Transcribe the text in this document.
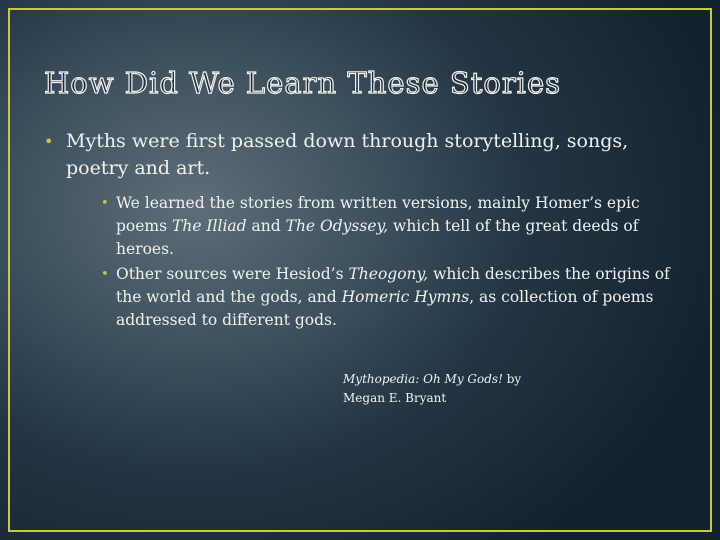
How Did We Learn These Stories
• Myths were first passed down through storytelling, songs, poetry and art.
• We learned the stories from written versions, mainly Homer’s epic poems The Illiad and The Odyssey, which tell of the great deeds of heroes.
• Other sources were Hesiod’s Theogony, which describes the origins of the world and the gods, and Homeric Hymns, as collection of poems addressed to different gods.
Mythopedia: Oh My Gods! by
Megan E. Bryant
